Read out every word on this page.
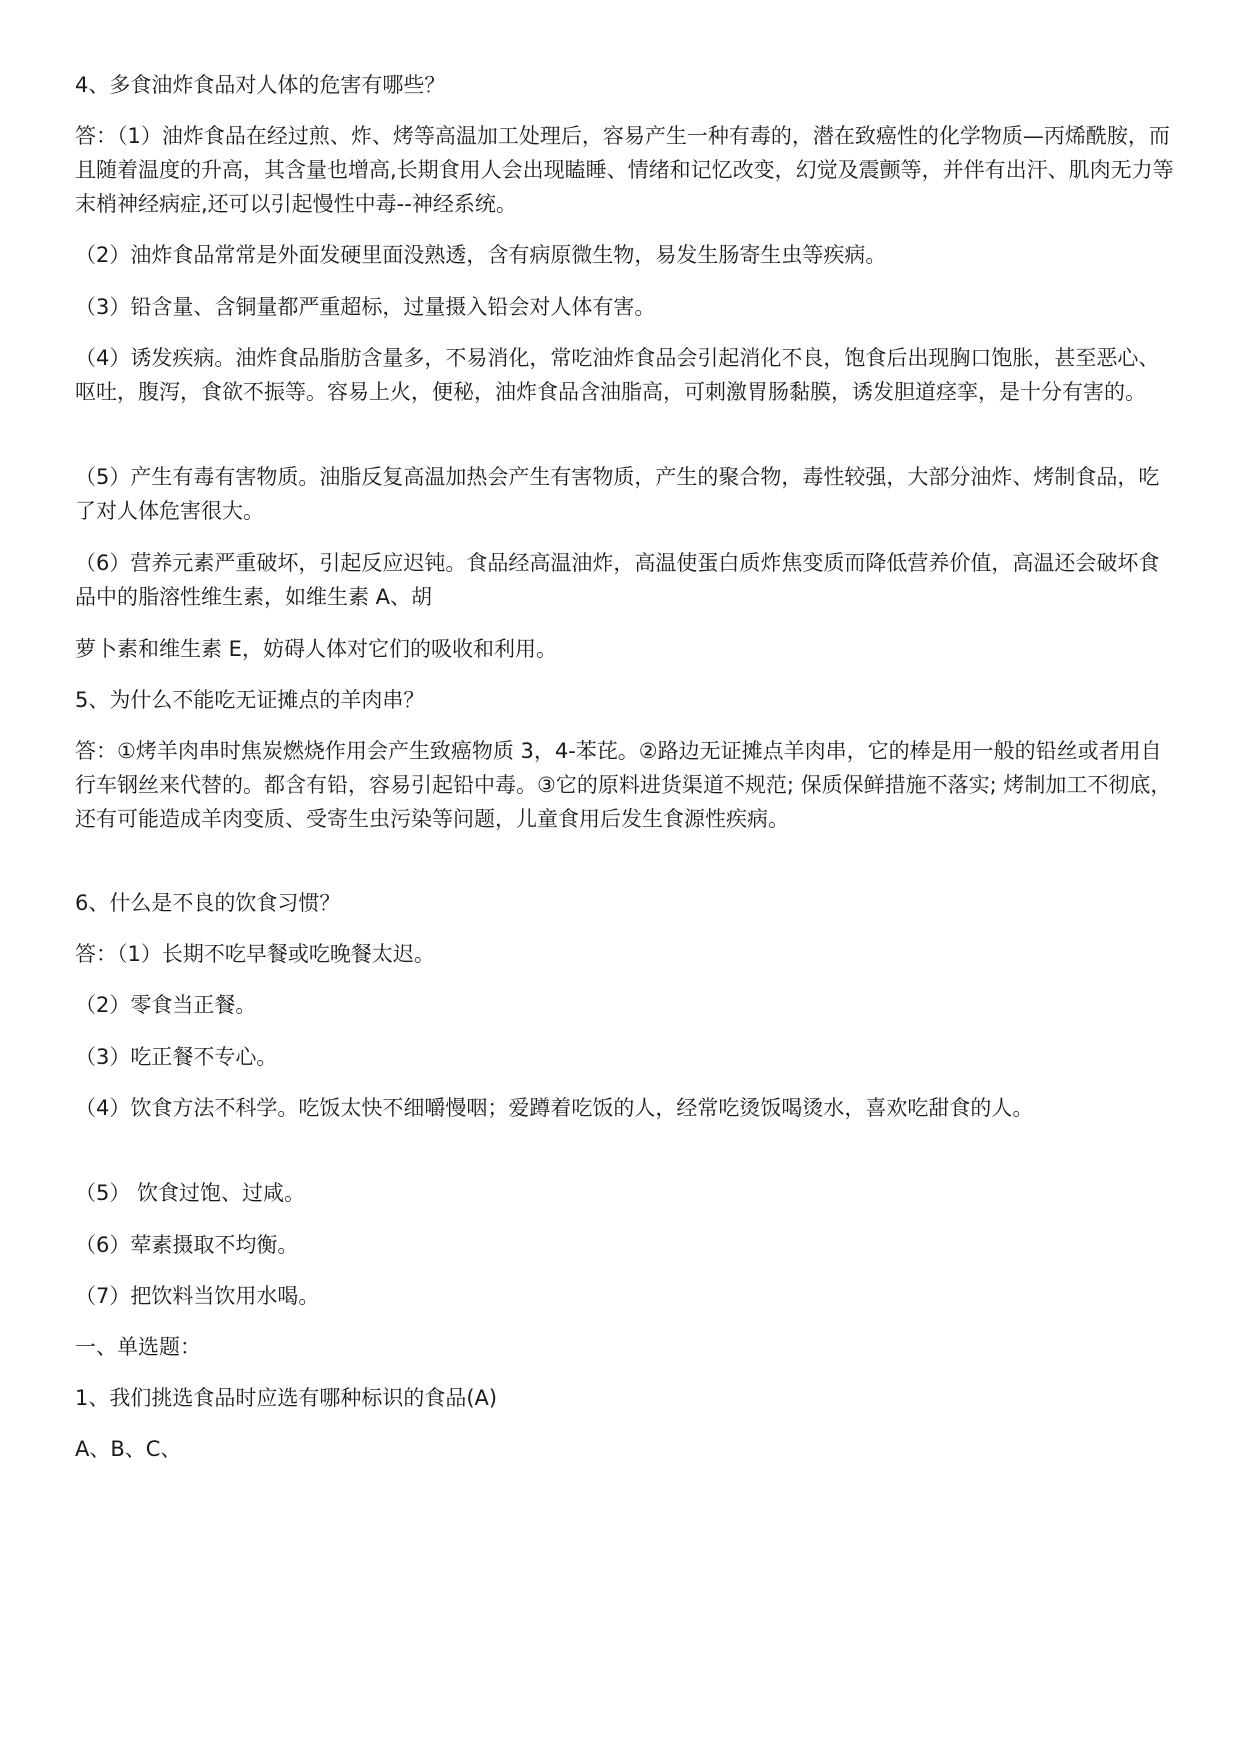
4、多食油炸食品对人体的危害有哪些？

答：（1）油炸食品在经过煎、炸、烤等高温加工处理后，容易产生一种有毒的，潜在致癌性的化学物质—丙烯酰胺，而且随着温度的升高，其含量也增高,长期食用人会出现瞌睡、情绪和记忆改变，幻觉及震颤等，并伴有出汗、肌肉无力等末梢神经病症,还可以引起慢性中毒--神经系统。

（2）油炸食品常常是外面发硬里面没熟透，含有病原微生物，易发生肠寄生虫等疾病。

（3）铅含量、含铜量都严重超标，过量摄入铅会对人体有害。

（4）诱发疾病。油炸食品脂肪含量多，不易消化，常吃油炸食品会引起消化不良，饱食后出现胸口饱胀，甚至恶心、呕吐，腹泻，食欲不振等。容易上火，便秘，油炸食品含油脂高，可刺激胃肠黏膜，诱发胆道痉挛，是十分有害的。

（5）产生有毒有害物质。油脂反复高温加热会产生有害物质，产生的聚合物，毒性较强，大部分油炸、烤制食品，吃了对人体危害很大。

（6）营养元素严重破坏，引起反应迟钝。食品经高温油炸，高温使蛋白质炸焦变质而降低营养价值，高温还会破坏食品中的脂溶性维生素，如维生素 A、胡

萝卜素和维生素 E，妨碍人体对它们的吸收和利用。

5、为什么不能吃无证摊点的羊肉串？

答：①烤羊肉串时焦炭燃烧作用会产生致癌物质 3，4-苯芘。②路边无证摊点羊肉串，它的棒是用一般的铅丝或者用自行车钢丝来代替的。都含有铅，容易引起铅中毒。③它的原料进货渠道不规范; 保质保鲜措施不落实; 烤制加工不彻底，还有可能造成羊肉变质、受寄生虫污染等问题，儿童食用后发生食源性疾病。

6、什么是不良的饮食习惯？

答：（1）长期不吃早餐或吃晚餐太迟。

（2）零食当正餐。

（3）吃正餐不专心。

（4）饮食方法不科学。吃饭太快不细嚼慢咽；爱蹲着吃饭的人，经常吃烫饭喝烫水，喜欢吃甜食的人。

（5） 饮食过饱、过咸。

（6）荤素摄取不均衡。

（7）把饮料当饮用水喝。

一、单选题：

1、我们挑选食品时应选有哪种标识的食品(A)

A、B、C、
